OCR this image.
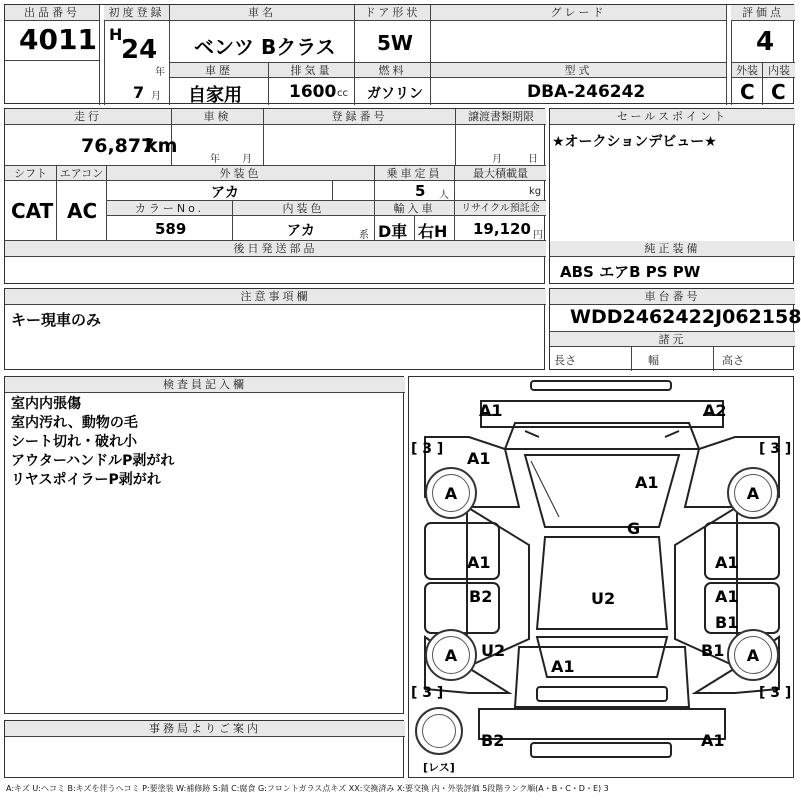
出品番号
4011
初度登録
H
24
年
7 月
車名
ベンツ Bクラス
ドア形状
5W
グレード	評価点
4
車歴
自家用
排気量
1600 cc
燃料
ガソリン
型式
DBA-246242
外装 内装
C C
走行
76,877
km
車検
年 月
登録番号	譲渡書類期限
月	日
シフト
CAT
エアコン
AC
外装色
アカ
乗車定員
5 人
最大積載量
kg
カラーNo.
589
内装色
アカ	系
輸入車
D車 右H
リサイクル預託金
19,120 円
後日発送部品
セールスポイント
★オークションデビュー★
純正装備
ABS エアB PS PW
注意事項欄
キー現車のみ
車台番号
WDD2462422J062158
諸元
長さ	幅	高さ
検査員記入欄
室内内張傷
室内汚れ、動物の毛
シート切れ・破れ小
アウターハンドルP剥がれ
リヤスポイラーP剥がれ
事務局よりご案内
A	A
A	A
[ 3 ]	[ 3 ]
[ 3 ]	[ 3 ]
[レス]
A1	A2
A1
A1
G
A1	A1
B2	A1
B1
U2
U2	B1
A1
B2	A1
A:キズ U:ヘコミ B:キズを伴うヘコミ P:要塗装 W:補修跡 S:錆 C:腐食 G:フロントガラス点キズ XX:交換済み X:要交換 内・外装評価 5段階ランク順(A・B・C・D・E) 3
